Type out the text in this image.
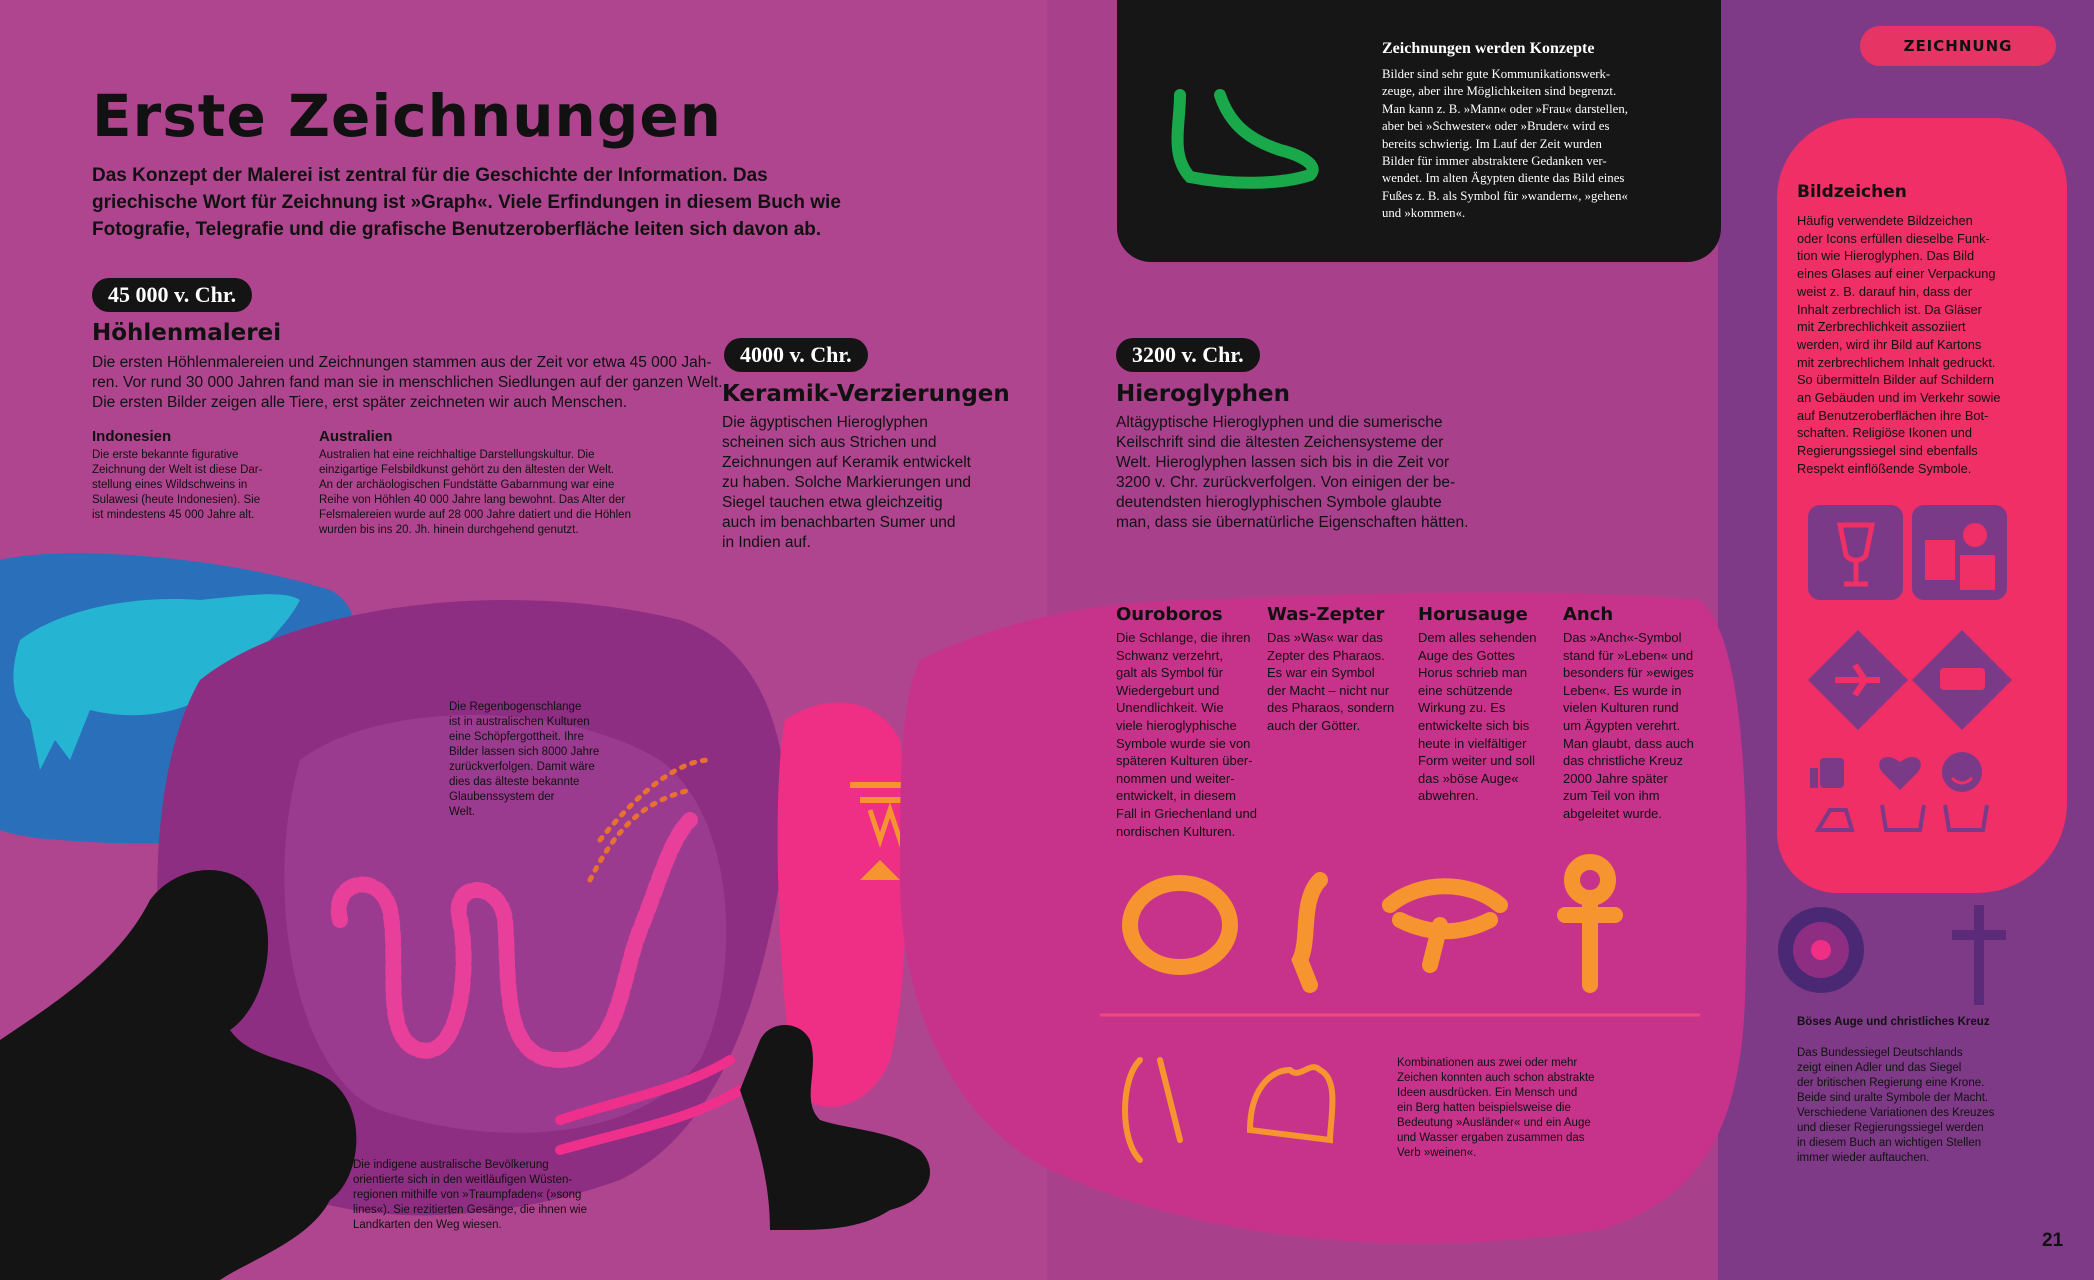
Erste Zeichnungen
Das Konzept der Malerei ist zentral für die Geschichte der Information. Das
griechische Wort für Zeichnung ist »Graph«. Viele Erfindungen in diesem Buch wie
Fotografie, Telegrafie und die grafische Benutzeroberfläche leiten sich davon ab.
45 000 v. Chr.
Höhlenmalerei
Die ersten Höhlenmalereien und Zeichnungen stammen aus der Zeit vor etwa 45 000 Jah-
ren. Vor rund 30 000 Jahren fand man sie in menschlichen Siedlungen auf der ganzen Welt.
Die ersten Bilder zeigen alle Tiere, erst später zeichneten wir auch Menschen.
Indonesien
Die erste bekannte figurative
Zeichnung der Welt ist diese Dar-
stellung eines Wildschweins in
Sulawesi (heute Indonesien). Sie
ist mindestens 45 000 Jahre alt.
Australien
Australien hat eine reichhaltige Darstellungskultur. Die
einzigartige Felsbildkunst gehört zu den ältesten der Welt.
An der archäologischen Fundstätte Gabarnmung war eine
Reihe von Höhlen 40 000 Jahre lang bewohnt. Das Alter der
Felsmalereien wurde auf 28 000 Jahre datiert und die Höhlen
wurden bis ins 20. Jh. hinein durchgehend genutzt.
Die Regenbogenschlange
ist in australischen Kulturen
eine Schöpfergottheit. Ihre
Bilder lassen sich 8000 Jahre
zurückverfolgen. Damit wäre
dies das älteste bekannte
Glaubenssystem der
Welt.
Die indigene australische Bevölkerung
orientierte sich in den weitläufigen Wüsten-
regionen mithilfe von »Traumpfaden« (»song
lines«). Sie rezitierten Gesänge, die ihnen wie
Landkarten den Weg wiesen.
4000 v. Chr.
Keramik-Verzierungen
Die ägyptischen Hieroglyphen
scheinen sich aus Strichen und
Zeichnungen auf Keramik entwickelt
zu haben. Solche Markierungen und
Siegel tauchen etwa gleichzeitig
auch im benachbarten Sumer und
in Indien auf.
Zeichnungen werden Konzepte
Bilder sind sehr gute Kommunikationswerk-
zeuge, aber ihre Möglichkeiten sind begrenzt.
Man kann z. B. »Mann« oder »Frau« darstellen,
aber bei »Schwester« oder »Bruder« wird es
bereits schwierig. Im Lauf der Zeit wurden
Bilder für immer abstraktere Gedanken ver-
wendet. Im alten Ägypten diente das Bild eines
Fußes z. B. als Symbol für »wandern«, »gehen«
und »kommen«.
3200 v. Chr.
Hieroglyphen
Altägyptische Hieroglyphen und die sumerische
Keilschrift sind die ältesten Zeichensysteme der
Welt. Hieroglyphen lassen sich bis in die Zeit vor
3200 v. Chr. zurückverfolgen. Von einigen der be-
deutendsten hieroglyphischen Symbole glaubte
man, dass sie übernatürliche Eigenschaften hätten.
Ouroboros
Die Schlange, die ihren
Schwanz verzehrt,
galt als Symbol für
Wiedergeburt und
Unendlichkeit. Wie
viele hieroglyphische
Symbole wurde sie von
späteren Kulturen über-
nommen und weiter-
entwickelt, in diesem
Fall in Griechenland und
nordischen Kulturen.
Was-Zepter
Das »Was« war das
Zepter des Pharaos.
Es war ein Symbol
der Macht – nicht nur
des Pharaos, sondern
auch der Götter.
Horusauge
Dem alles sehenden
Auge des Gottes
Horus schrieb man
eine schützende
Wirkung zu. Es
entwickelte sich bis
heute in vielfältiger
Form weiter und soll
das »böse Auge«
abwehren.
Anch
Das »Anch«-Symbol
stand für »Leben« und
besonders für »ewiges
Leben«. Es wurde in
vielen Kulturen rund
um Ägypten verehrt.
Man glaubt, dass auch
das christliche Kreuz
2000 Jahre später
zum Teil von ihm
abgeleitet wurde.
Kombinationen aus zwei oder mehr
Zeichen konnten auch schon abstrakte
Ideen ausdrücken. Ein Mensch und
ein Berg hatten beispielsweise die
Bedeutung »Ausländer« und ein Auge
und Wasser ergaben zusammen das
Verb »weinen«.
ZEICHNUNG
Bildzeichen
Häufig verwendete Bildzeichen
oder Icons erfüllen dieselbe Funk-
tion wie Hieroglyphen. Das Bild
eines Glases auf einer Verpackung
weist z. B. darauf hin, dass der
Inhalt zerbrechlich ist. Da Gläser
mit Zerbrechlichkeit assoziiert
werden, wird ihr Bild auf Kartons
mit zerbrechlichem Inhalt gedruckt.
So übermitteln Bilder auf Schildern
an Gebäuden und im Verkehr sowie
auf Benutzeroberflächen ihre Bot-
schaften. Religiöse Ikonen und
Regierungssiegel sind ebenfalls
Respekt einflößende Symbole.
Böses Auge und christliches Kreuz
Das Bundessiegel Deutschlands
zeigt einen Adler und das Siegel
der britischen Regierung eine Krone.
Beide sind uralte Symbole der Macht.
Verschiedene Variationen des Kreuzes
und dieser Regierungssiegel werden
in diesem Buch an wichtigen Stellen
immer wieder auftauchen.
21
